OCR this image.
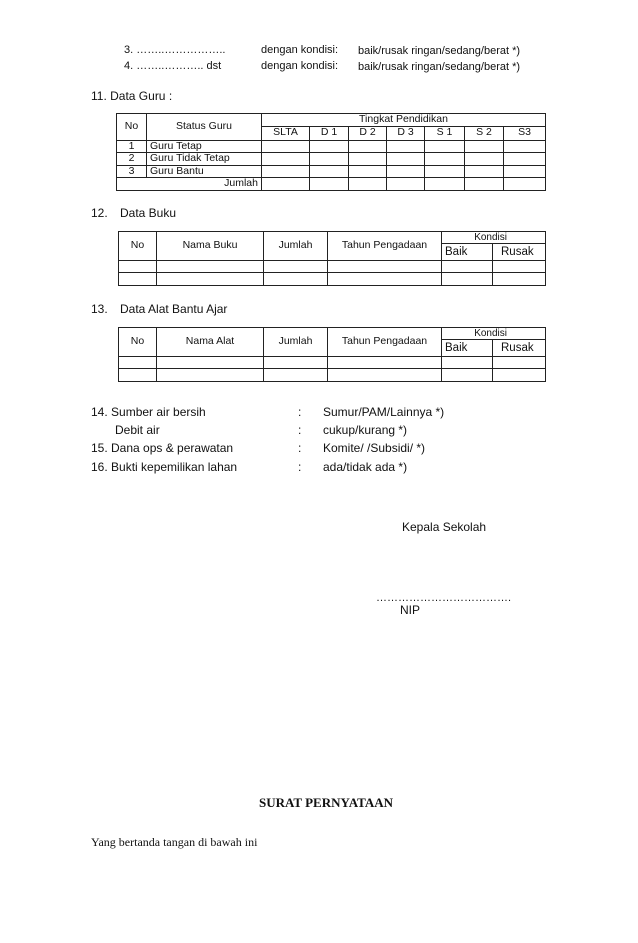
3. ……..……………..	dengan kondisi: baik/rusak ringan/sedang/berat *)
4. ……..……….. dst	dengan kondisi: baik/rusak ringan/sedang/berat *)
11. Data Guru :
No	Status Guru	Tingkat Pendidikan						
		SLTA	D 1	D 2	D 3	S 1	S 2	S3
1	Guru Tetap							
2	Guru Tidak Tetap							
3	Guru Bantu							
Jumlah								
12. Data Buku
No	Nama Buku	Jumlah	Tahun Pengadaan	Kondisi	
				Baik	Rusak

13. Data Alat Bantu Ajar
No	Nama Alat	Jumlah	Tahun Pengadaan	Kondisi	
				Baik	Rusak

14. Sumber air bersih	: Sumur/PAM/Lainnya *)
Debit air	: cukup/kurang *)
15. Dana ops & perawatan	: Komite/ /Subsidi/ *)
16. Bukti kepemilikan lahan	: ada/tidak ada *)
Kepala Sekolah
……………………………….
NIP
SURAT PERNYATAAN
Yang bertanda tangan di bawah ini
